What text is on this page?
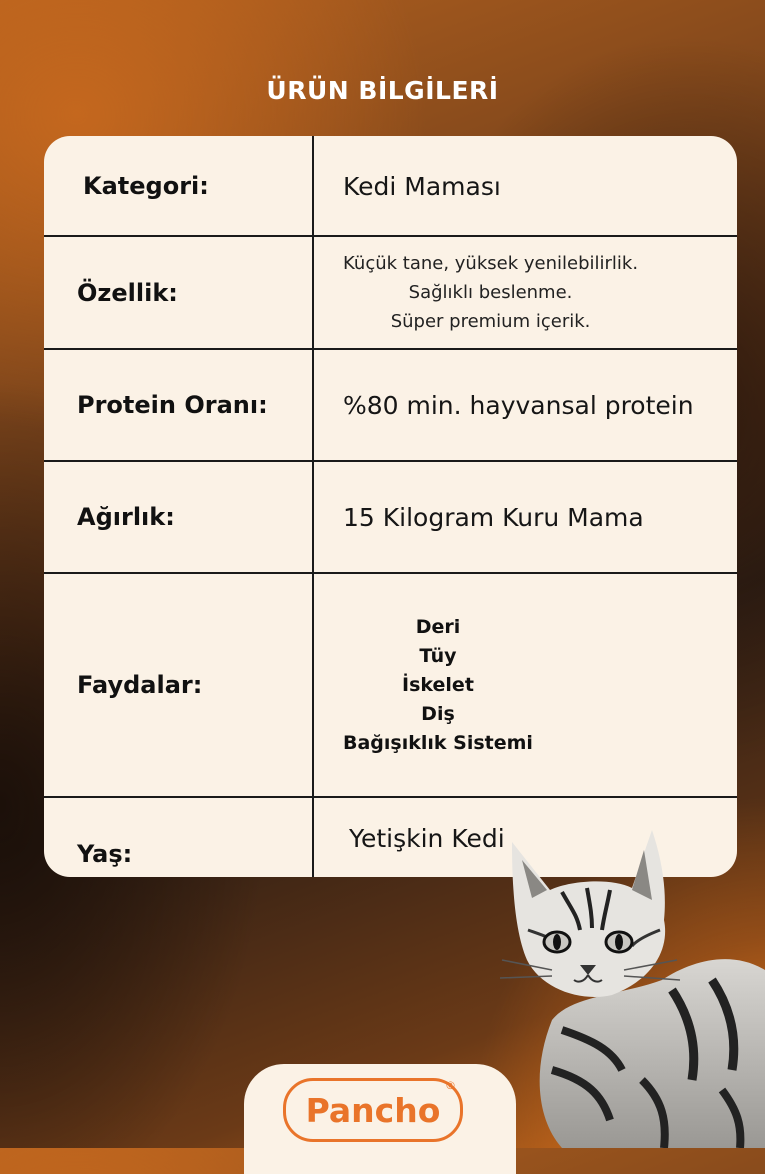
ÜRÜN BİLGİLERİ
Kategori:	Kedi Maması
Özellik:
Küçük tane, yüksek yenilebilirlik.
Sağlıklı beslenme.
Süper premium içerik.
Protein Oranı:	%80 min. hayvansal protein
Ağırlık:	15 Kilogram Kuru Mama
Faydalar:
Deri
Tüy
İskelet
Diş
Bağışıklık Sistemi
Yaş:
Yetişkin Kedi
Pancho
®
